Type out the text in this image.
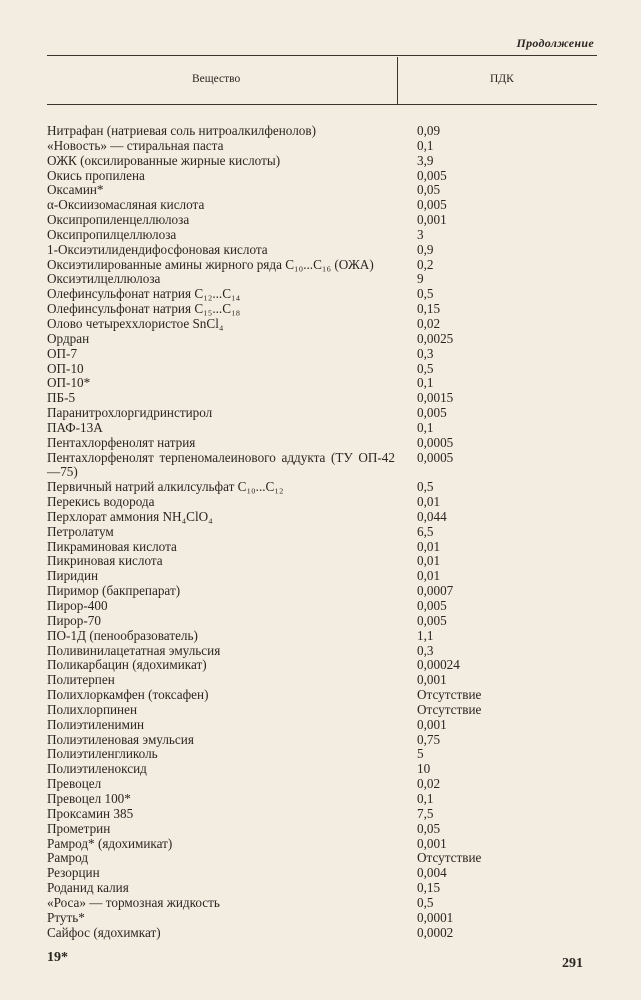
Продолжение
Вещество	ПДК
Нитрафан (натриевая соль нитроалкилфенолов)	0,09
«Новость» — стиральная паста	0,1
ОЖК (оксилированные жирные кислоты)	3,9
Окись пропилена	0,005
Оксамин*	0,05
α-Оксиизомасляная кислота	0,005
Оксипропиленцеллюлоза	0,001
Оксипропилцеллюлоза	3
1-Оксиэтилидендифосфоновая кислота	0,9
Оксиэтилированные амины жирного ряда C₁₀...C₁₆ (ОЖА)	0,2
Оксиэтилцеллюлоза	9
Олефинсульфонат натрия C₁₂...C₁₄	0,5
Олефинсульфонат натрия C₁₅...C₁₈	0,15
Олово четыреххлористое SnCl₄	0,02
Ордран	0,0025
ОП-7	0,3
ОП-10	0,5
ОП-10*	0,1
ПБ-5	0,0015
Паранитрохлоргидринстирол	0,005
ПАФ-13А	0,1
Пентахлорфенолят натрия	0,0005
Пентахлорфенолят терпеномалеиновoго аддукта (ТУ ОП-42—75)
0,0005
Первичный натрий алкилсульфат C₁₀...C₁₂	0,5
Перекись водорода	0,01
Перхлорат аммония NH₄ClO₄	0,044
Петролатум	6,5
Пикраминовая кислота	0,01
Пикриновая кислота	0,01
Пиридин	0,01
Пиримор (бакпрепарат)	0,0007
Пирор-400	0,005
Пирор-70	0,005
ПО-1Д (пенообразователь)	1,1
Поливинилацетатная эмульсия	0,3
Поликарбацин (ядохимикат)	0,00024
Политерпен	0,001
Полихлоркамфен (токсафен)	Отсутствие
Полихлорпинен	Отсутствие
Полиэтиленимин	0,001
Полиэтиленовая эмульсия	0,75
Полиэтиленгликоль	5
Полиэтиленоксид	10
Превоцел	0,02
Превоцел 100*	0,1
Проксамин 385	7,5
Прометрин	0,05
Рамрод* (ядохимикат)	0,001
Рамрод	Отсутствие
Резорцин	0,004
Роданид калия	0,15
«Роса» — тормозная жидкость	0,5
Ртуть*	0,0001
Сайфос (ядохимкат)	0,0002
19*	291
